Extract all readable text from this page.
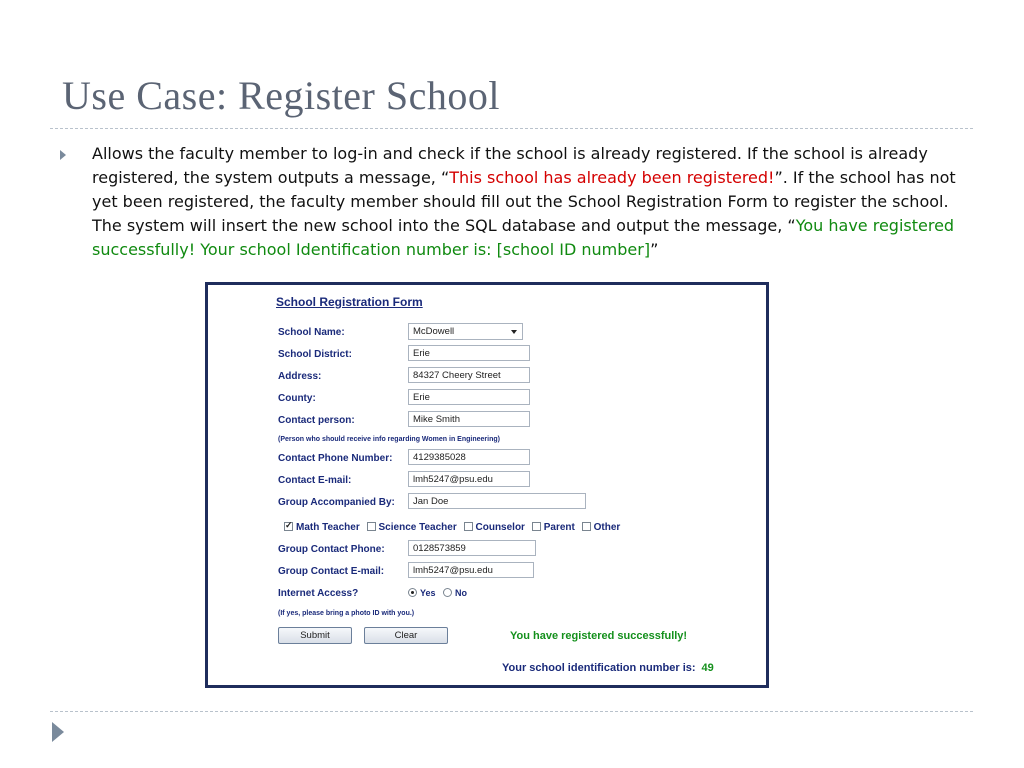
Use Case: Register School
Allows the faculty member to log-in and check if the school is already registered. If the school is already registered, the system outputs a message, “This school has already been registered!”. If the school has not yet been registered, the faculty member should fill out the School Registration Form to register the school. The system will insert the new school into the SQL database and output the message, “You have registered successfully! Your school Identification number is: [school ID number]”
School Registration Form
School Name:	McDowell
School District:	Erie
Address:	84327 Cheery Street
County:	Erie
Contact person:	Mike Smith
(Person who should receive info regarding Women in Engineering)
Contact Phone Number:	4129385028
Contact E-mail:	lmh5247@psu.edu
Group Accompanied By:	Jan Doe
✓Math Teacher Science Teacher Counselor Parent Other
Group Contact Phone:	0128573859
Group Contact E-mail:	lmh5247@psu.edu
Internet Access?	Yes No
(If yes, please bring a photo ID with you.)
Submit	Clear	You have registered successfully!
Your school identification number is: 49
